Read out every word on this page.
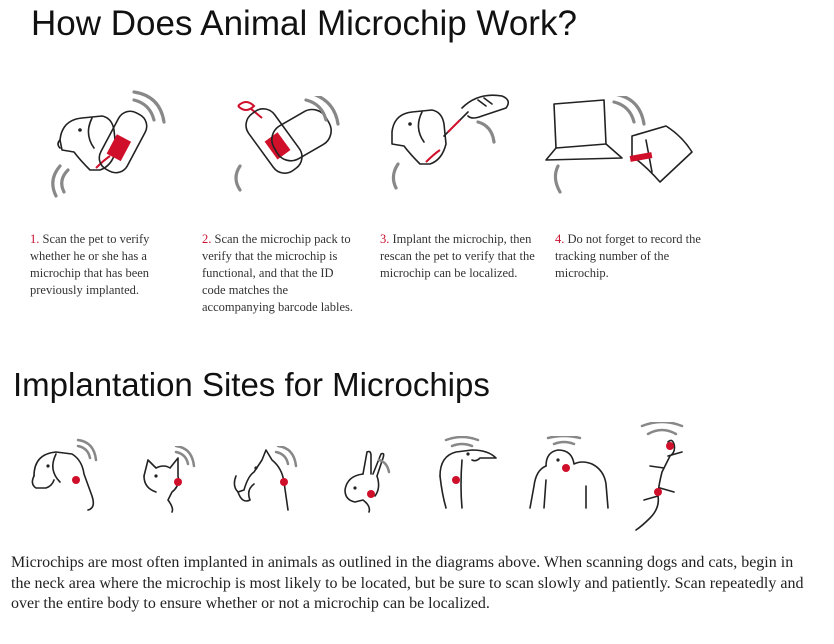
How Does Animal Microchip Work?
1. Scan the pet to verify whether he or she has a microchip that has been previously implanted.
2. Scan the microchip pack to verify that the microchip is functional, and that the ID code matches the accompanying barcode lables.
3. Implant the microchip, then rescan the pet to verify that the microchip can be localized.
4. Do not forget to record the tracking number of the microchip.
Implantation Sites for Microchips

Microchips are most often implanted in animals as outlined in the diagrams above. When scanning dogs and cats, begin in the neck area where the microchip is most likely to be located, but be sure to scan slowly and patiently. Scan repeatedly and over the entire body to ensure whether or not a microchip can be localized.
